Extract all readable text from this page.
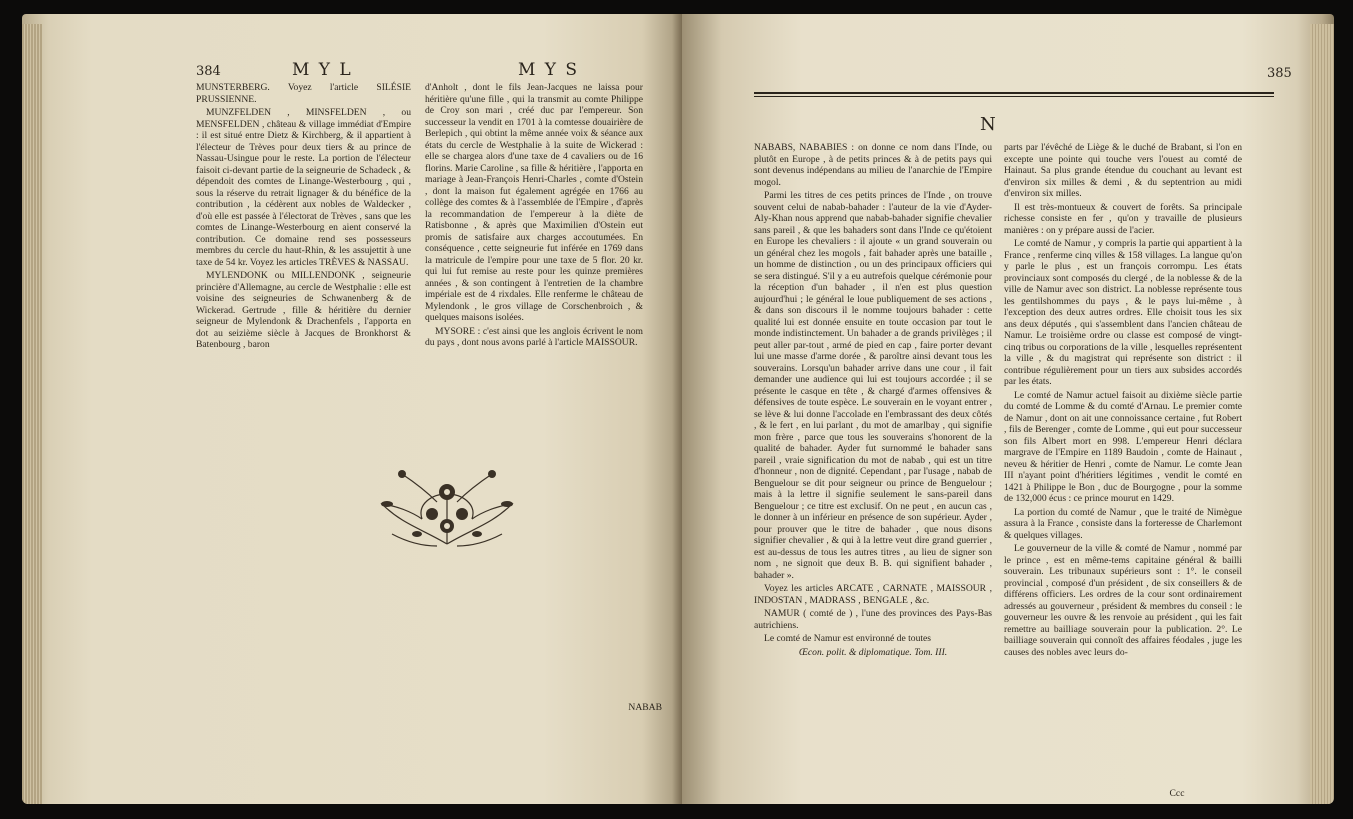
384	M Y L	M Y S

MUNSTERBERG. Voyez l'article SILÉSIE PRUSSIENNE.

MUNZFELDEN , MINSFELDEN , ou MENSFELDEN , château & village immédiat d'Empire : il est situé entre Dietz & Kirchberg, & il appartient à l'électeur de Trèves pour deux tiers & au prince de Nassau-Usingue pour le reste. La portion de l'électeur faisoit ci-devant partie de la seigneurie de Schadeck , & dépendoit des comtes de Linange-Westerbourg , qui , sous la réserve du retrait lignager & du bénéfice de la contribution , la cédèrent aux nobles de Waldecker , d'où elle est passée à l'électorat de Trèves , sans que les comtes de Linange-Westerbourg en aient conservé la contribution. Ce domaine rend ses possesseurs membres du cercle du haut-Rhin, & les assujettit à une taxe de 54 kr. Voyez les articles TRÈVES & NASSAU.

MYLENDONK ou MILLENDONK , seigneurie princière d'Allemagne, au cercle de Westphalie : elle est voisine des seigneuries de Schwanenberg & de Wickerad. Gertrude , fille & héritière du dernier seigneur de Mylendonk & Drachenfels , l'apporta en dot au seizième siècle à Jacques de Bronkhorst & Batenbourg , baron

d'Anholt , dont le fils Jean-Jacques ne laissa pour héritière qu'une fille , qui la transmit au comte Philippe de Croy son mari , créé duc par l'empereur. Son successeur la vendit en 1701 à la comtesse douairière de Berlepich , qui obtint la même année voix & séance aux états du cercle de Westphalie à la suite de Wickerad : elle se chargea alors d'une taxe de 4 cavaliers ou de 16 florins. Marie Caroline , sa fille & héritière , l'apporta en mariage à Jean-François Henri-Charles , comte d'Ostein , dont la maison fut également agrégée en 1766 au collège des comtes & à l'assemblée de l'Empire , d'après la recommandation de l'empereur à la diète de Ratisbonne , & après que Maximilien d'Ostein eut promis de satisfaire aux charges accoutumées. En conséquence , cette seigneurie fut inférée en 1769 dans la matricule de l'empire pour une taxe de 5 flor. 20 kr. qui lui fut remise au reste pour les quinze premières années , & son contingent à l'entretien de la chambre impériale est de 4 rixdales. Elle renferme le château de Mylendonk , le gros village de Corschenbroich , & quelques maisons isolées.

MYSORE : c'est ainsi que les anglois écrivent le nom du pays , dont nous avons parlé à l'article MAISSOUR.

NABAB
385
N

NABABS, NABABIES : on donne ce nom dans l'Inde, ou plutôt en Europe , à de petits princes & à de petits pays qui sont devenus indépendans au milieu de l'anarchie de l'Empire mogol.

Parmi les titres de ces petits princes de l'Inde , on trouve souvent celui de nabab-bahader : l'auteur de la vie d'Ayder-Aly-Khan nous apprend que nabab-bahader signifie chevalier sans pareil , & que les bahaders sont dans l'Inde ce qu'étoient en Europe les chevaliers : il ajoute « un grand souverain ou un général chez les mogols , fait bahader après une bataille , un homme de distinction , ou un des principaux officiers qui se sera distingué. S'il y a eu autrefois quelque cérémonie pour la réception d'un bahader , il n'en est plus question aujourd'hui ; le général le loue publiquement de ses actions , & dans son discours il le nomme toujours bahader : cette qualité lui est donnée ensuite en toute occasion par tout le monde indistinctement. Un bahader a de grands privilèges ; il peut aller par-tout , armé de pied en cap , faire porter devant lui une masse d'arme dorée , & paroître ainsi devant tous les souverains. Lorsqu'un bahader arrive dans une cour , il fait demander une audience qui lui est toujours accordée ; il se présente le casque en tête , & chargé d'armes offensives & défensives de toute espèce. Le souverain en le voyant entrer , se lève & lui donne l'accolade en l'embrassant des deux côtés , & le fert , en lui parlant , du mot de amarlbay , qui signifie mon frère , parce que tous les souverains s'honorent de la qualité de bahader. Ayder fut surnommé le bahader sans pareil , vraie signification du mot de nabab , qui est un titre d'honneur , non de dignité. Cependant , par l'usage , nabab de Benguelour se dit pour seigneur ou prince de Benguelour ; mais à la lettre il signifie seulement le sans-pareil dans Benguelour ; ce titre est exclusif. On ne peut , en aucun cas , le donner à un inférieur en présence de son supérieur. Ayder , pour prouver que le titre de bahader , que nous disons signifier chevalier , & qui à la lettre veut dire grand guerrier , est au-dessus de tous les autres titres , au lieu de signer son nom , ne signoit que deux B. B. qui signifient bahader , bahader ».

Voyez les articles ARCATE , CARNATE , MAISSOUR , INDOSTAN , MADRASS , BENGALE , &c.

NAMUR ( comté de ) , l'une des provinces des Pays-Bas autrichiens.

Le comté de Namur est environné de toutes

Œcon. polit. & diplomatique. Tom. III.

parts par l'évêché de Liège & le duché de Brabant, si l'on en excepte une pointe qui touche vers l'ouest au comté de Hainaut. Sa plus grande étendue du couchant au levant est d'environ six milles & demi , & du septentrion au midi d'environ six milles.

Il est très-montueux & couvert de forêts. Sa principale richesse consiste en fer , qu'on y travaille de plusieurs manières : on y prépare aussi de l'acier.

Le comté de Namur , y compris la partie qui appartient à la France , renferme cinq villes & 158 villages. La langue qu'on y parle le plus , est un françois corrompu. Les états provinciaux sont composés du clergé , de la noblesse & de la ville de Namur avec son district. La noblesse représente tous les gentilshommes du pays , & le pays lui-même , à l'exception des deux autres ordres. Elle choisit tous les six ans deux députés , qui s'assemblent dans l'ancien château de Namur. Le troisième ordre ou classe est composé de vingt-cinq tribus ou corporations de la ville , lesquelles représentent la ville , & du magistrat qui représente son district : il contribue régulièrement pour un tiers aux subsides accordés par les états.

Le comté de Namur actuel faisoit au dixième siècle partie du comté de Lomme & du comté d'Arnau. Le premier comte de Namur , dont on ait une connoissance certaine , fut Robert , fils de Berenger , comte de Lomme , qui eut pour successeur son fils Albert mort en 998. L'empereur Henri déclara margrave de l'Empire en 1189 Baudoin , comte de Hainaut , neveu & héritier de Henri , comte de Namur. Le comte Jean III n'ayant point d'héritiers légitimes , vendit le comté en 1421 à Philippe le Bon , duc de Bourgogne , pour la somme de 132,000 écus : ce prince mourut en 1429.

La portion du comté de Namur , que le traité de Nimègue assura à la France , consiste dans la forteresse de Charlemont & quelques villages.

Le gouverneur de la ville & comté de Namur , nommé par le prince , est en même-tems capitaine général & bailli souverain. Les tribunaux supérieurs sont : 1°. le conseil provincial , composé d'un président , de six conseillers & de différens officiers. Les ordres de la cour sont ordinairement adressés au gouverneur , président & membres du conseil : le gouverneur les ouvre & les renvoie au président , qui les fait remettre au bailliage souverain pour la publication. 2°. Le bailliage souverain qui connoît des affaires féodales , juge les causes des nobles avec leurs do-

Ccc
